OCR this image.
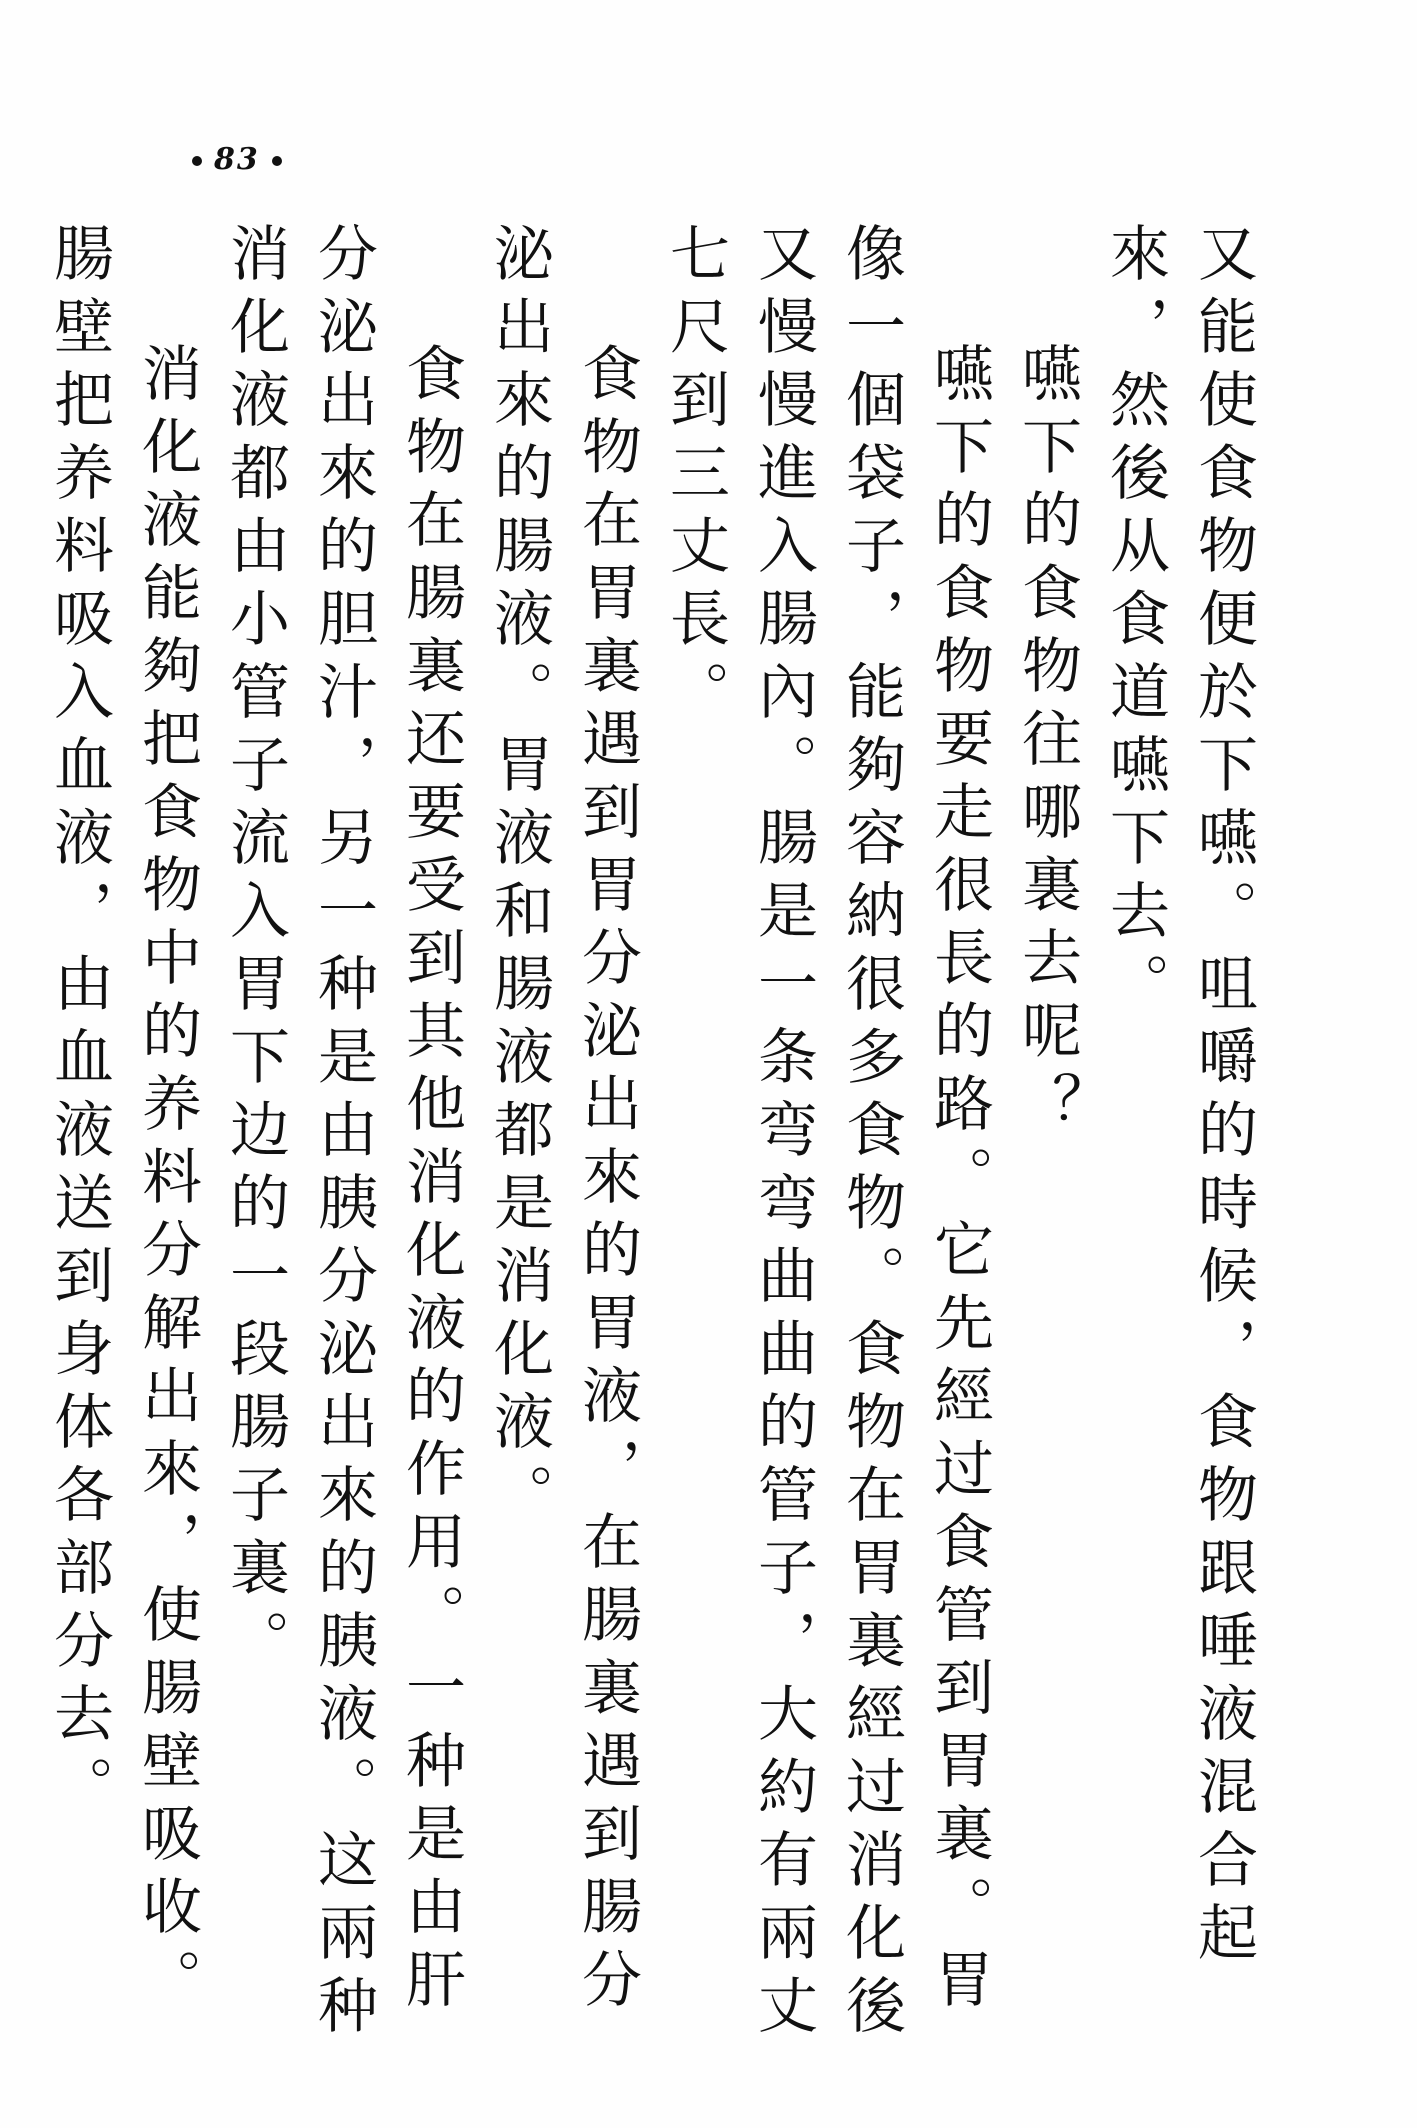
83

又能使食物便於下嚥。咀嚼的時候，食物跟唾液混合起來，然後从食道嚥下去。

嚥下的食物往哪裏去呢？

嚥下的食物要走很長的路。它先經过食管到胃裏。胃像一個袋子，能夠容納很多食物。食物在胃裏經过消化後又慢慢進入腸內。腸是一条弯弯曲曲的管子，大約有兩丈七尺到三丈長。

食物在胃裏遇到胃分泌出來的胃液，在腸裏遇到腸分泌出來的腸液。胃液和腸液都是消化液。

食物在腸裏还要受到其他消化液的作用。一种是由肝分泌出來的胆汁，另一种是由胰分泌出來的胰液。这兩种消化液都由小管子流入胃下边的一段腸子裏。

消化液能夠把食物中的养料分解出來，使腸壁吸收。腸壁把养料吸入血液，由血液送到身体各部分去。
